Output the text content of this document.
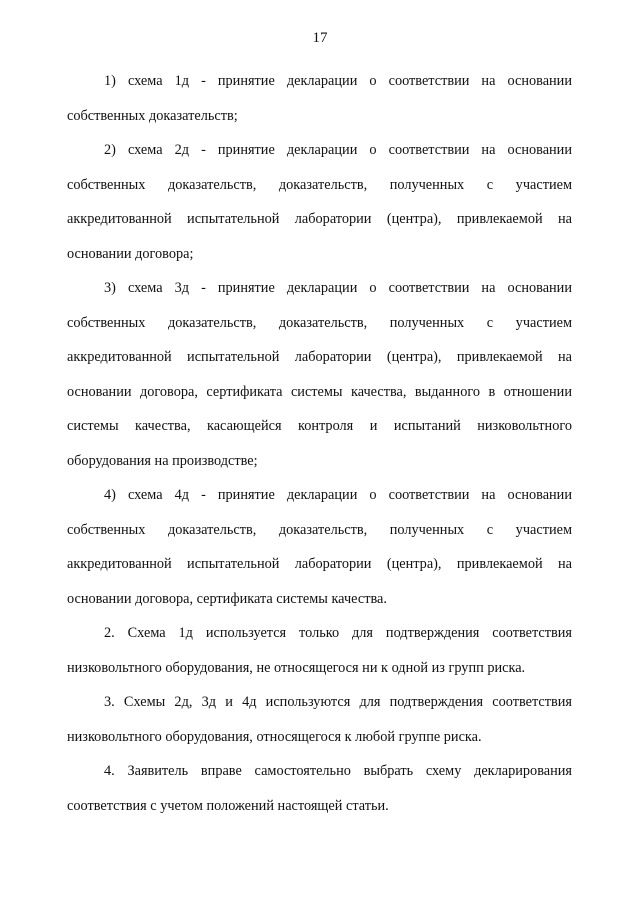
17

1) схема 1д - принятие декларации о соответствии на основании собственных доказательств;

2) схема 2д - принятие декларации о соответствии на основании собственных доказательств, доказательств, полученных с участием аккредитованной испытательной лаборатории (центра), привлекаемой на основании договора;

3) схема 3д - принятие декларации о соответствии на основании собственных доказательств, доказательств, полученных с участием аккредитованной испытательной лаборатории (центра), привлекаемой на основании договора, сертификата системы качества, выданного в отношении системы качества, касающейся контроля и испытаний низковольтного оборудования на производстве;

4) схема 4д - принятие декларации о соответствии на основании собственных доказательств, доказательств, полученных с участием аккредитованной испытательной лаборатории (центра), привлекаемой на основании договора, сертификата системы качества.

2. Схема 1д используется только для подтверждения соответствия низковольтного оборудования, не относящегося ни к одной из групп риска.

3. Схемы 2д, 3д и 4д используются для подтверждения соответствия низковольтного оборудования, относящегося к любой группе риска.

4. Заявитель вправе самостоятельно выбрать схему декларирования соответствия с учетом положений настоящей статьи.
